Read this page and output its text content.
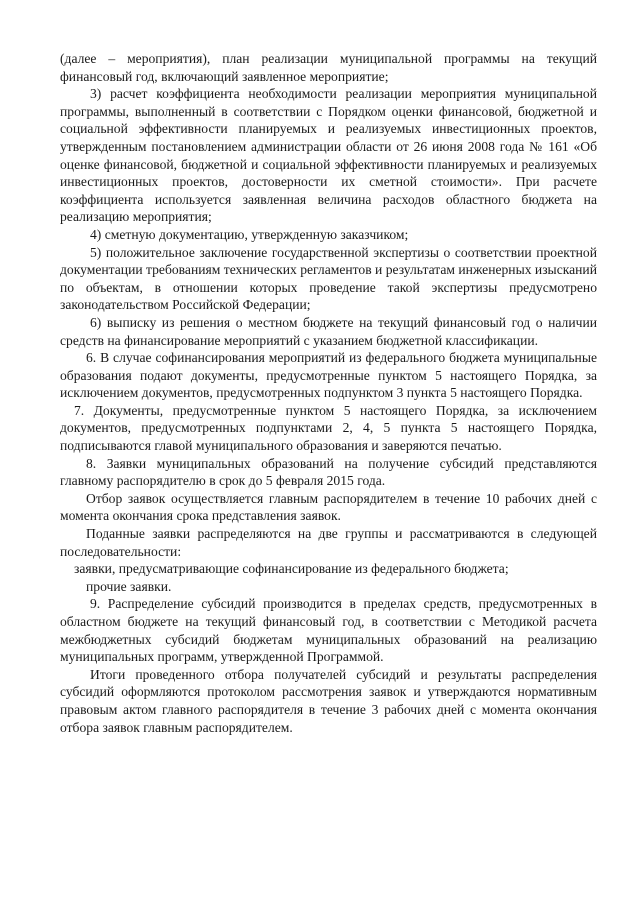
(далее – мероприятия), план реализации муниципальной программы на текущий финансовый год, включающий заявленное мероприятие;

3) расчет коэффициента необходимости реализации мероприятия муниципальной программы, выполненный в соответствии с Порядком оценки финансовой, бюджетной и социальной эффективности планируемых и реализуемых инвестиционных проектов, утвержденным постановлением администрации области от 26 июня 2008 года № 161 «Об оценке финансовой, бюджетной и социальной эффективности планируемых и реализуемых инвестиционных проектов, достоверности их сметной стоимости». При расчете коэффициента используется заявленная величина расходов областного бюджета на реализацию мероприятия;

4) сметную документацию, утвержденную заказчиком;

5) положительное заключение государственной экспертизы о соответствии проектной документации требованиям технических регламентов и результатам инженерных изысканий по объектам, в отношении которых проведение такой экспертизы предусмотрено законодательством Российской Федерации;

6) выписку из решения о местном бюджете на текущий финансовый год о наличии средств на финансирование мероприятий с указанием бюджетной классификации.

6. В случае софинансирования мероприятий из федерального бюджета муниципальные образования подают документы, предусмотренные пунктом 5 настоящего Порядка, за исключением документов, предусмотренных подпунктом 3 пункта 5 настоящего Порядка.

7. Документы, предусмотренные пунктом 5 настоящего Порядка, за исключением документов, предусмотренных подпунктами 2, 4, 5 пункта 5 настоящего Порядка, подписываются главой муниципального образования и заверяются печатью.

8. Заявки муниципальных образований на получение субсидий представляются главному распорядителю в срок до 5 февраля 2015 года.

Отбор заявок осуществляется главным распорядителем в течение 10 рабочих дней с момента окончания срока представления заявок.

Поданные заявки распределяются на две группы и рассматриваются в следующей последовательности:

заявки, предусматривающие софинансирование из федерального бюджета;

прочие заявки.

9. Распределение субсидий производится в пределах средств, предусмотренных в областном бюджете на текущий финансовый год, в соответствии с Методикой расчета межбюджетных субсидий бюджетам муниципальных образований на реализацию муниципальных программ, утвержденной Программой.

Итоги проведенного отбора получателей субсидий и результаты распределения субсидий оформляются протоколом рассмотрения заявок и утверждаются нормативным правовым актом главного распорядителя в течение 3 рабочих дней с момента окончания отбора заявок главным распорядителем.
